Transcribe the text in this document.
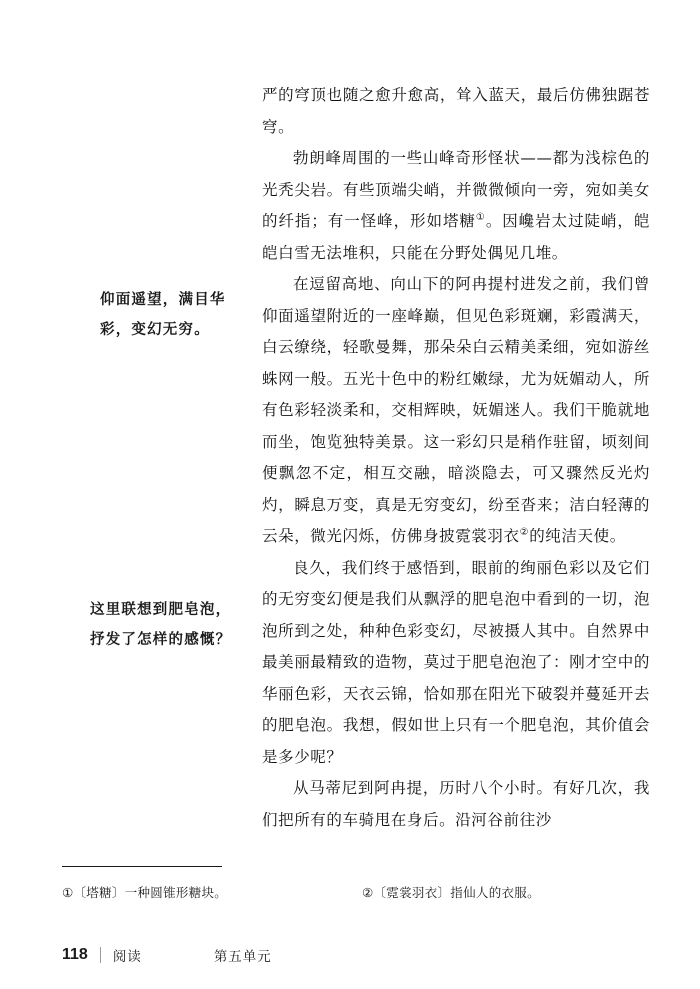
仰面遥望，满目华彩，变幻无穷。
这里联想到肥皂泡，抒发了怎样的感慨？

严的穹顶也随之愈升愈高，耸入蓝天，最后仿佛独踞苍穹。

勃朗峰周围的一些山峰奇形怪状——都为浅棕色的光秃尖岩。有些顶端尖峭，并微微倾向一旁，宛如美女的纤指；有一怪峰，形如塔糖①。因巉岩太过陡峭，皑皑白雪无法堆积，只能在分野处偶见几堆。

在逗留高地、向山下的阿冉提村进发之前，我们曾仰面遥望附近的一座峰巅，但见色彩斑斓，彩霞满天，白云缭绕，轻歌曼舞，那朵朵白云精美柔细，宛如游丝蛛网一般。五光十色中的粉红嫩绿，尤为妩媚动人，所有色彩轻淡柔和，交相辉映，妩媚迷人。我们干脆就地而坐，饱览独特美景。这一彩幻只是稍作驻留，顷刻间便飘忽不定，相互交融，暗淡隐去，可又骤然反光灼灼，瞬息万变，真是无穷变幻，纷至沓来；洁白轻薄的云朵，微光闪烁，仿佛身披霓裳羽衣②的纯洁天使。

良久，我们终于感悟到，眼前的绚丽色彩以及它们的无穷变幻便是我们从飘浮的肥皂泡中看到的一切，泡泡所到之处，种种色彩变幻，尽被摄人其中。自然界中最美丽最精致的造物，莫过于肥皂泡泡了：刚才空中的华丽色彩，天衣云锦，恰如那在阳光下破裂并蔓延开去的肥皂泡。我想，假如世上只有一个肥皂泡，其价值会是多少呢？

从马蒂尼到阿冉提，历时八个小时。有好几次，我们把所有的车骑甩在身后。沿河谷前往沙

①〔塔糖〕一种圆锥形糖块。	②〔霓裳羽衣〕指仙人的衣服。
118 阅读	第五单元
